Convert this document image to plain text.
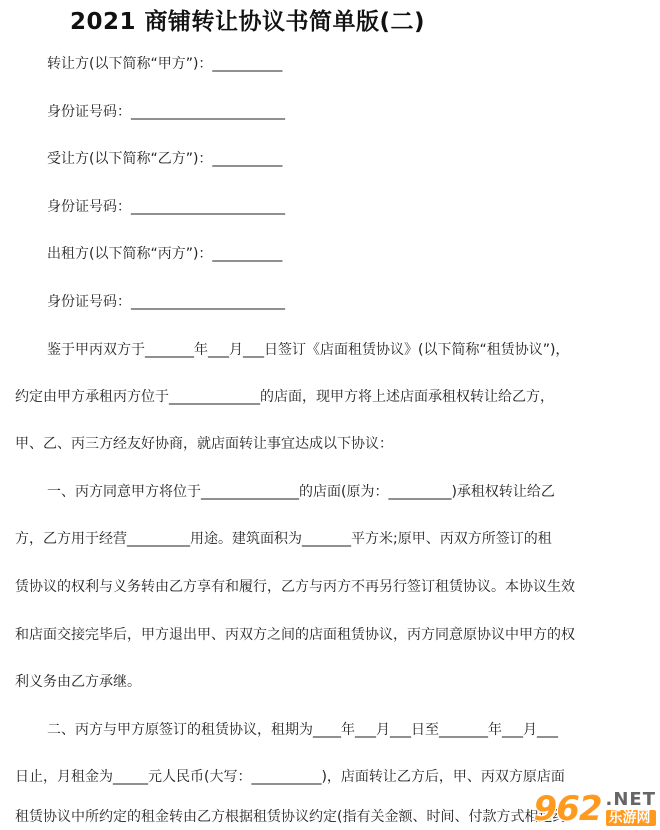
2021 商铺转让协议书简单版(二)
转让方(以下简称“甲方”)：__________
身份证号码：______________________
受让方(以下简称“乙方”)：__________
身份证号码：______________________
出租方(以下简称“丙方”)：__________
身份证号码：______________________
鉴于甲丙双方于_______年___月___日签订《店面租赁协议》(以下简称“租赁协议”)，
约定由甲方承租丙方位于_____________的店面，现甲方将上述店面承租权转让给乙方，
甲、乙、丙三方经友好协商，就店面转让事宜达成以下协议：
一、丙方同意甲方将位于______________的店面(原为：_________)承租权转让给乙
方，乙方用于经营_________用途。建筑面积为_______平方米;原甲、丙双方所签订的租
赁协议的权利与义务转由乙方享有和履行，乙方与丙方不再另行签订租赁协议。本协议生效
和店面交接完毕后，甲方退出甲、丙双方之间的店面租赁协议，丙方同意原协议中甲方的权
利义务由乙方承继。
二、丙方与甲方原签订的租赁协议，租期为____年___月___日至_______年___月___
日止，月租金为_____元人民币(大写：__________)，店面转让乙方后，甲、丙双方原店面
租赁协议中所约定的租金转由乙方根据租赁协议约定(指有关金额、时间、付款方式相违约
962 .NET
乐游网
